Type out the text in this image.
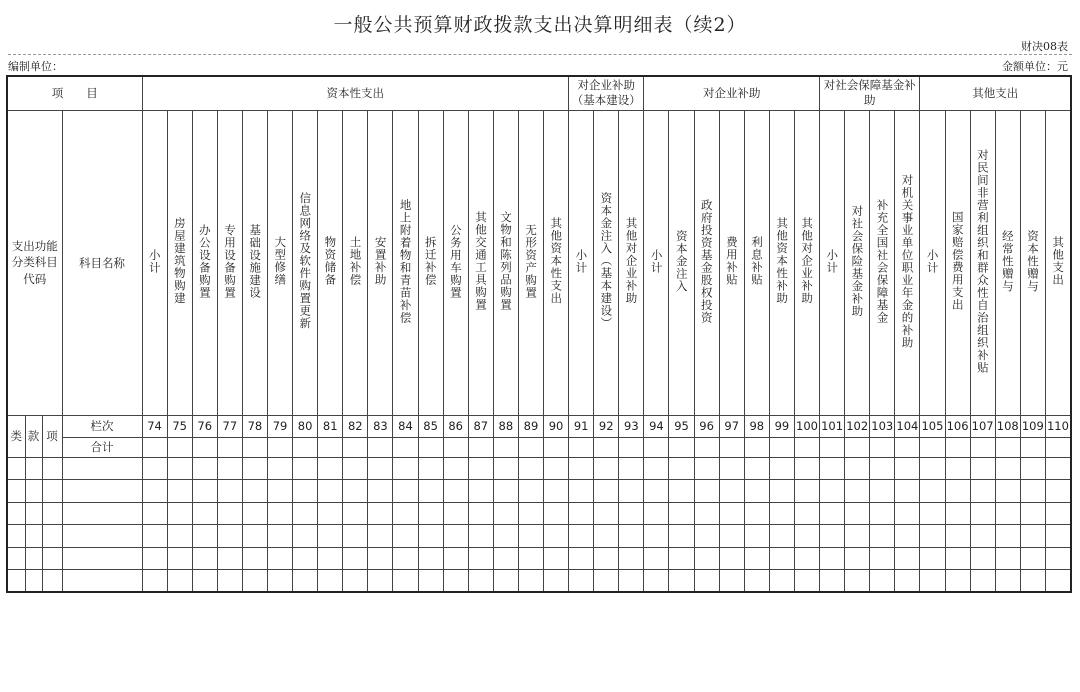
一般公共预算财政拨款支出决算明细表（续2）
财决08表
编制单位：	金额单位：元
项　　目				资本性支出																	对企业补助（基本建设）			对企业补助							对社会保障基金补助				其他支出					
支出功能分类科目代码			科目名称	小计	房屋建筑物购建	办公设备购置	专用设备购置	基础设施建设	大型修缮	信息网络及软件购置更新	物资储备	土地补偿	安置补助	地上附着物和青苗补偿	拆迁补偿	公务用车购置	其他交通工具购置	文物和陈列品购置	无形资产购置	其他资本性支出	小计	资本金注入（基本建设）	其他对企业补助	小计	资本金注入	政府投资基金股权投资	费用补贴	利息补贴	其他资本性补助	其他对企业补助	小计	对社会保险基金补助	补充全国社会保障基金	对机关事业单位职业年金的补助	小计	国家赔偿费用支出	对民间非营利组织和群众性自治组织补贴	经常性赠与	资本性赠与	其他支出
类	款	项	栏次	74	75	76	77	78	79	80	81	82	83	84	85	86	87	88	89	90	91	92	93	94	95	96	97	98	99	100	101	102	103	104	105	106	107	108	109	110
			合计																																					
